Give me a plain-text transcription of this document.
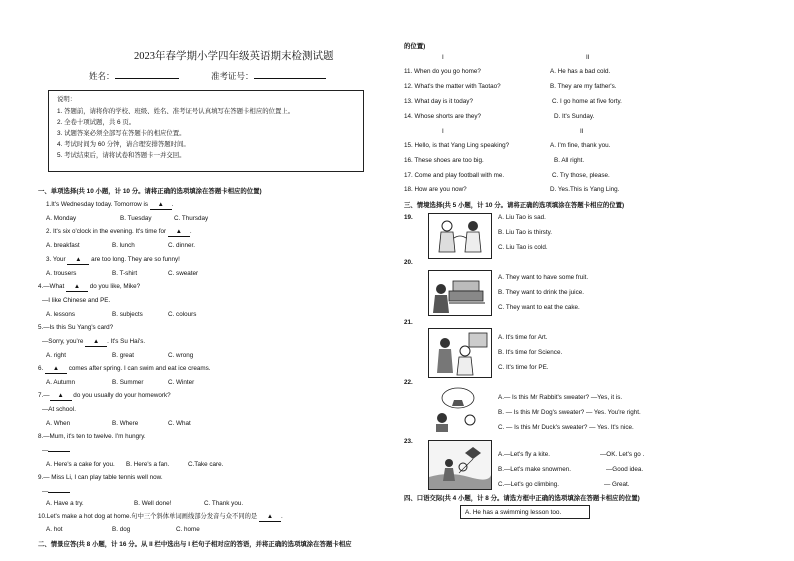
2023年春学期小学四年级英语期末检测试题
姓名：	准考证号：
说明：
1. 答题前，请将你的学校、班级、姓名、准考证号认真填写在答题卡相应的位置上。
2. 全卷十项试题，共 6 页。
3. 试题答案必须全部写在答题卡的相应位置。
4. 考试时间为 60 分钟，请合理安排答题时间。
5. 考试结束后，请将试卷和答题卡一并交回。
一、单项选择(共 10 小题，计 10 分。请将正确的选项填涂在答题卡相应的位置)
1.It's Wednesday today. Tomorrow is ▲ .
A. Monday	B. Tuesday	C. Thursday
2. It's six o'clock in the evening. It's time for ▲ .
A. breakfast	B. lunch	C. dinner.
3. Your ▲ are too long. They are so funny!
A. trousers	B. T-shirt	C. sweater
4.—What ▲ do you like, Mike?
—I like Chinese and PE.
A. lessons	B. subjects	C. colours
5.—Is this Su Yang's card?
—Sorry, you're ▲ . It's Su Hai's.
A. right	B. great	C. wrong
6. ▲ comes after spring. I can swim and eat ice creams.
A. Autumn	B. Summer	C. Winter
7.— ▲ do you usually do your homework?
—At school.
A. When	B. Where	C. What
8.—Mum, it's ten to twelve. I'm hungry.
—
A. Here's a cake for you. B. Here's a fan.	C.Take care.
9.— Miss Li, I can play table tennis well now.
—
A. Have a try.	B. Well done!	C. Thank you.
10.Let's make a hot dog at home.句中三个斜体单词画线部分发音与众不同的是 ▲ .
A. hot	B. dog	C. home
二、情景应答(共 8 小题，计 16 分。从 II 栏中选出与 I 栏句子相对应的答语，并将正确的选项填涂在答题卡相应
的位置)
I	II
11. When do you go home?	A. He has a bad cold.
12. What's the matter with Taotao?	B. They are my father's.
13. What day is it today?	C. I go home at five forty.
14. Whose shorts are they?	D. It's Sunday.
I	II
15. Hello, is that Yang Ling speaking?	A. I'm fine, thank you.
16. These shoes are too big.	B. All right.
17. Come and play football with me.	C. Try those, please.
18. How are you now?	D. Yes.This is Yang Ling.
三、情境选择(共 5 小题，计 10 分。请将正确的选项填涂在答题卡相应的位置)
19.	A. Liu Tao is sad.
B. Liu Tao is thirsty.
C. Liu Tao is cold.
20.
A. They want to have some fruit.
B. They want to drink the juice.
C. They want to eat the cake.
21.
A. It's time for Art.
B. It's time for Science.
C. It's time for PE.
22.
A.— Is this Mr Rabbit's sweater? —Yes, it is.
B. — Is this Mr Dog's sweater? — Yes. You're right.
C. — Is this Mr Duck's sweater? — Yes. It's nice.
23.
A.—Let's fly a kite.	—OK. Let's go .
B.—Let's make snowmen.	—Good idea.
C.—Let's go climbing.	— Great.
四、口语交际(共 4 小题，计 8 分。请选方框中正确的选项填涂在答题卡相应的位置)
A. He has a swimming lesson too.
